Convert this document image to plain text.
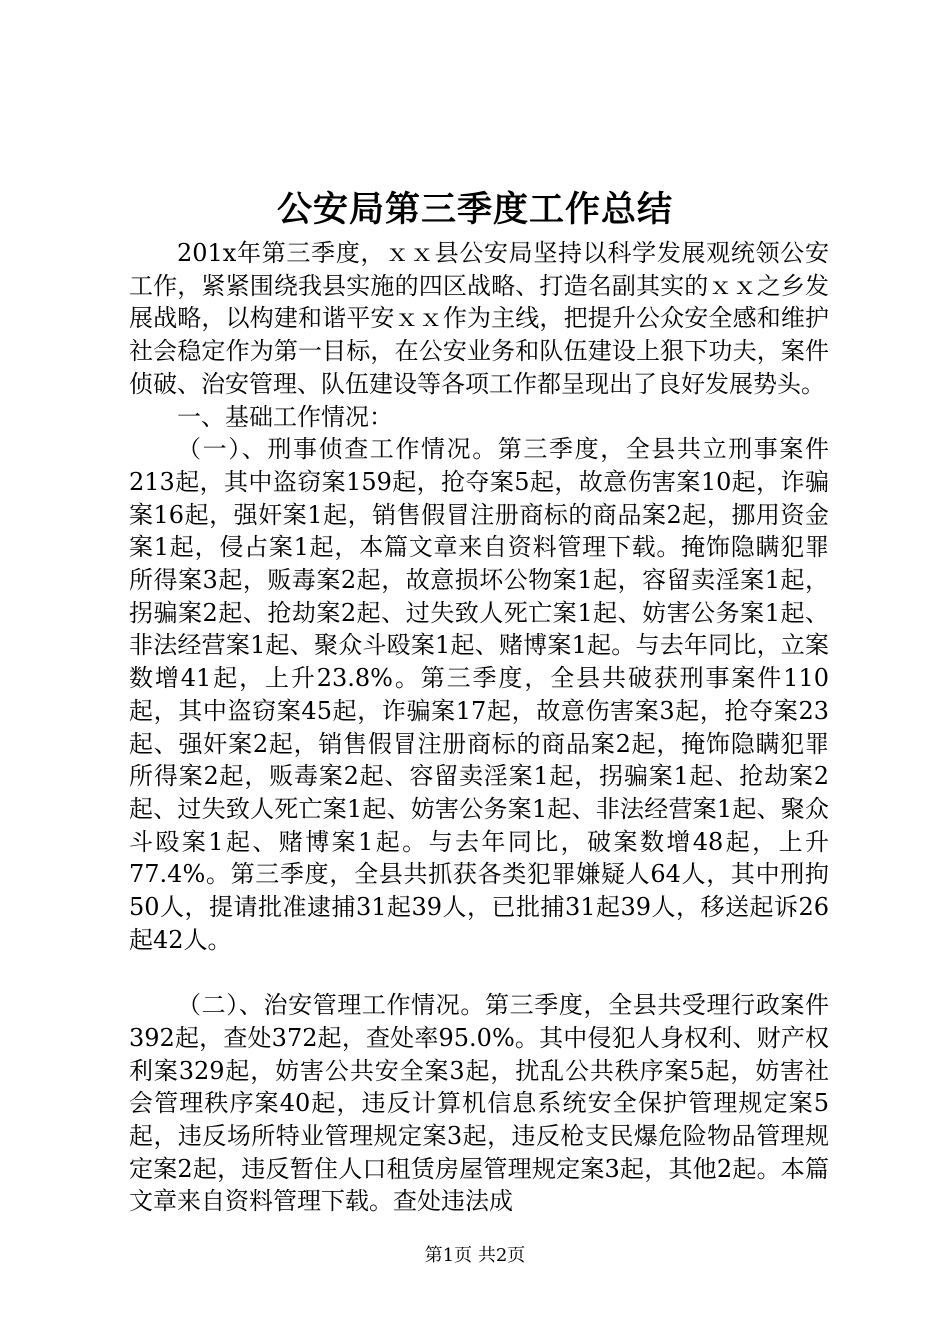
公安局第三季度工作总结

201x年第三季度，ｘｘ县公安局坚持以科学发展观统领公安工作，紧紧围绕我县实施的四区战略、打造名副其实的ｘｘ之乡发展战略，以构建和谐平安ｘｘ作为主线，把提升公众安全感和维护社会稳定作为第一目标，在公安业务和队伍建设上狠下功夫，案件侦破、治安管理、队伍建设等各项工作都呈现出了良好发展势头。

一、基础工作情况：

（一）、刑事侦查工作情况。第三季度，全县共立刑事案件213起，其中盗窃案159起，抢夺案5起，故意伤害案10起，诈骗案16起，强奸案1起，销售假冒注册商标的商品案2起，挪用资金案1起，侵占案1起，本篇文章来自资料管理下载。掩饰隐瞒犯罪所得案3起，贩毒案2起，故意损坏公物案1起，容留卖淫案1起，拐骗案2起、抢劫案2起、过失致人死亡案1起、妨害公务案1起、非法经营案1起、聚众斗殴案1起、赌博案1起。与去年同比，立案数增41起，上升23.8%。第三季度，全县共破获刑事案件110起，其中盗窃案45起，诈骗案17起，故意伤害案3起，抢夺案23起、强奸案2起，销售假冒注册商标的商品案2起，掩饰隐瞒犯罪所得案2起，贩毒案2起、容留卖淫案1起，拐骗案1起、抢劫案2起、过失致人死亡案1起、妨害公务案1起、非法经营案1起、聚众斗殴案1起、赌博案1起。与去年同比，破案数增48起，上升77.4%。第三季度，全县共抓获各类犯罪嫌疑人64人，其中刑拘50人，提请批准逮捕31起39人，已批捕31起39人，移送起诉26起42人。

（二）、治安管理工作情况。第三季度，全县共受理行政案件392起，查处372起，查处率95.0%。其中侵犯人身权利、财产权利案329起，妨害公共安全案3起，扰乱公共秩序案5起，妨害社会管理秩序案40起，违反计算机信息系统安全保护管理规定案5起，违反场所特业管理规定案3起，违反枪支民爆危险物品管理规定案2起，违反暂住人口租赁房屋管理规定案3起，其他2起。本篇文章来自资料管理下载。查处违法成

第1页 共2页
